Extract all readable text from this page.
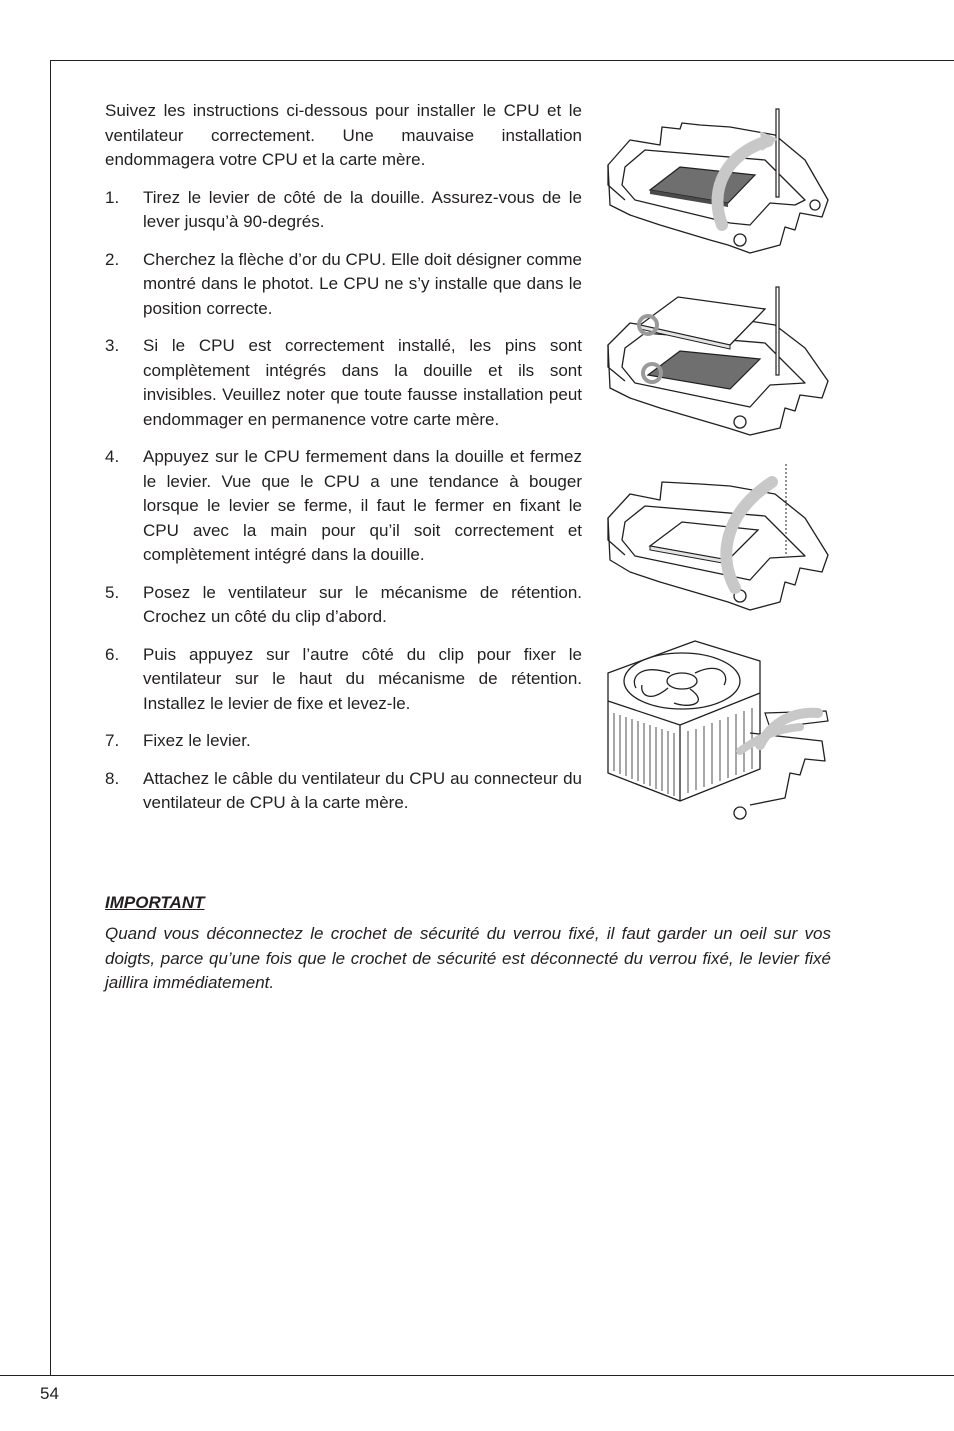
Suivez les instructions ci-dessous pour installer le CPU et le ventilateur correctement. Une mauvaise installation endommagera votre CPU et la carte mère.

1.	Tirez le levier de côté de la douille. Assurez-vous de le lever jusqu’à 90-degrés.
2.	Cherchez la flèche d’or du CPU. Elle doit désigner comme montré dans le photot. Le CPU ne s’y installe que dans le position correcte.
3.	Si le CPU est correctement installé, les pins sont complètement intégrés dans la douille et ils sont invisibles. Veuillez noter que toute fausse installation peut endommager en permanence votre carte mère.
4.	Appuyez sur le CPU fermement dans la douille et fermez le levier. Vue que le CPU a une tendance à bouger lorsque le levier se ferme, il faut le fermer en fixant le CPU avec la main pour qu’il soit correctement et complètement intégré dans la douille.
5.	Posez le ventilateur sur le mécanisme de rétention. Crochez un côté du clip d’abord.
6.	Puis appuyez sur l’autre côté du clip pour fixer le ventilateur sur le haut du mécanisme de rétention. Installez le levier de fixe et levez-le.
7.	Fixez le levier.
8.	Attachez le câble du ventilateur du CPU au connecteur du ventilateur de CPU à la carte mère.

IMPORTANT

Quand vous déconnectez le crochet de sécurité du verrou fixé, il faut garder un oeil sur vos doigts, parce qu’une fois que le crochet de sécurité est déconnecté du verrou fixé, le levier fixé jaillira immédiatement.

54
